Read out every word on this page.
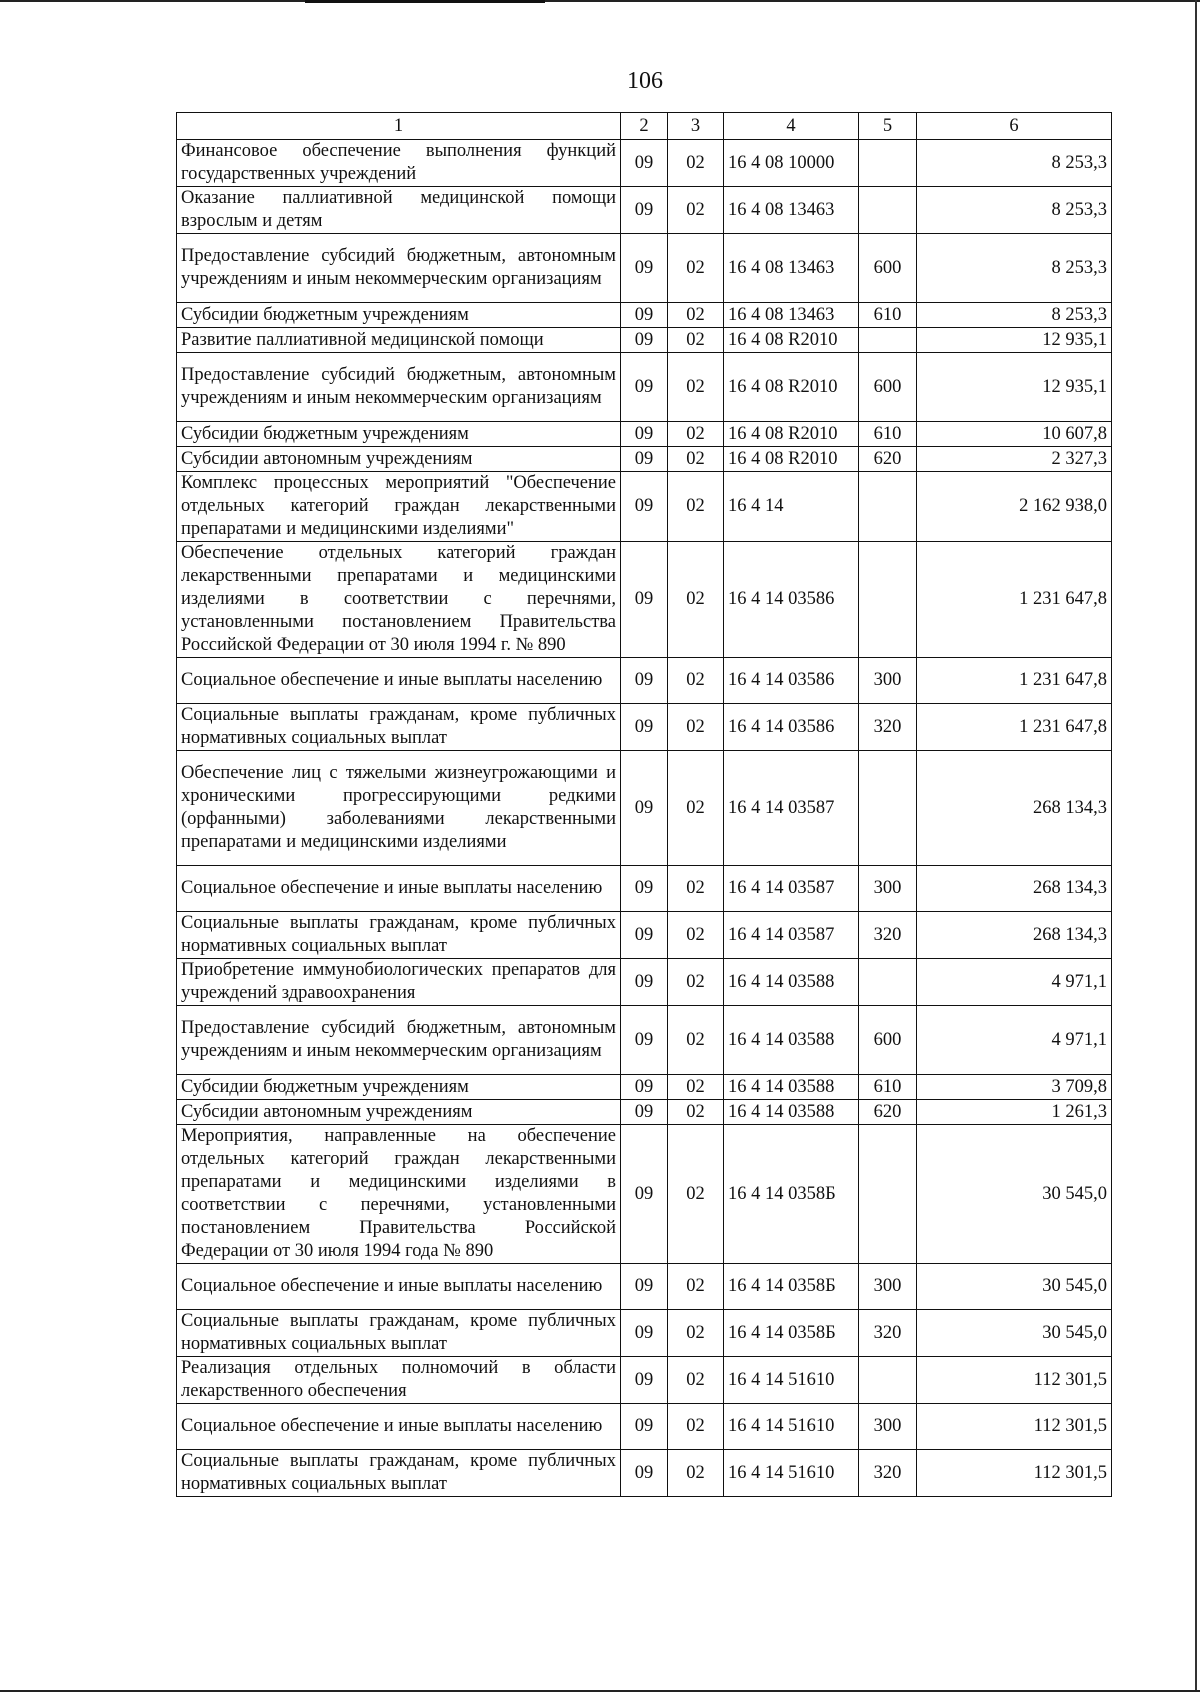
106
1	2	3	4	5	6
Финансовое обеспечение выполнения функций государственных учреждений	09	02	16 4 08 10000		8 253,3
Оказание паллиативной медицинской помощи взрослым и детям	09	02	16 4 08 13463		8 253,3
Предоставление субсидий бюджетным, автономным учреждениям и иным некоммерческим организациям	09	02	16 4 08 13463	600	8 253,3
Субсидии бюджетным учреждениям	09	02	16 4 08 13463	610	8 253,3
Развитие паллиативной медицинской помощи	09	02	16 4 08 R2010		12 935,1
Предоставление субсидий бюджетным, автономным учреждениям и иным некоммерческим организациям	09	02	16 4 08 R2010	600	12 935,1
Субсидии бюджетным учреждениям	09	02	16 4 08 R2010	610	10 607,8
Субсидии автономным учреждениям	09	02	16 4 08 R2010	620	2 327,3
Комплекс процессных мероприятий "Обеспечение отдельных категорий граждан лекарственными препаратами и медицинскими изделиями"	09	02	16 4 14		2 162 938,0
Обеспечение отдельных категорий граждан лекарственными препаратами и медицинскими изделиями в соответствии с перечнями, установленными постановлением Правительства Российской Федерации от 30 июля 1994 г. № 890	09	02	16 4 14 03586		1 231 647,8
Социальное обеспечение и иные выплаты населению	09	02	16 4 14 03586	300	1 231 647,8
Социальные выплаты гражданам, кроме публичных нормативных социальных выплат	09	02	16 4 14 03586	320	1 231 647,8
Обеспечение лиц с тяжелыми жизнеугрожающими и хроническими прогрессирующими редкими (орфанными) заболеваниями лекарственными препаратами и медицинскими изделиями	09	02	16 4 14 03587		268 134,3
Социальное обеспечение и иные выплаты населению	09	02	16 4 14 03587	300	268 134,3
Социальные выплаты гражданам, кроме публичных нормативных социальных выплат	09	02	16 4 14 03587	320	268 134,3
Приобретение иммунобиологических препаратов для учреждений здравоохранения	09	02	16 4 14 03588		4 971,1
Предоставление субсидий бюджетным, автономным учреждениям и иным некоммерческим организациям	09	02	16 4 14 03588	600	4 971,1
Субсидии бюджетным учреждениям	09	02	16 4 14 03588	610	3 709,8
Субсидии автономным учреждениям	09	02	16 4 14 03588	620	1 261,3
Мероприятия, направленные на обеспечение отдельных категорий граждан лекарственными препаратами и медицинскими изделиями в соответствии с перечнями, установленными постановлением Правительства Российской Федерации от 30 июля 1994 года № 890	09	02	16 4 14 0358Б		30 545,0
Социальное обеспечение и иные выплаты населению	09	02	16 4 14 0358Б	300	30 545,0
Социальные выплаты гражданам, кроме публичных нормативных социальных выплат	09	02	16 4 14 0358Б	320	30 545,0
Реализация отдельных полномочий в области лекарственного обеспечения	09	02	16 4 14 51610		112 301,5
Социальное обеспечение и иные выплаты населению	09	02	16 4 14 51610	300	112 301,5
Социальные выплаты гражданам, кроме публичных нормативных социальных выплат	09	02	16 4 14 51610	320	112 301,5
